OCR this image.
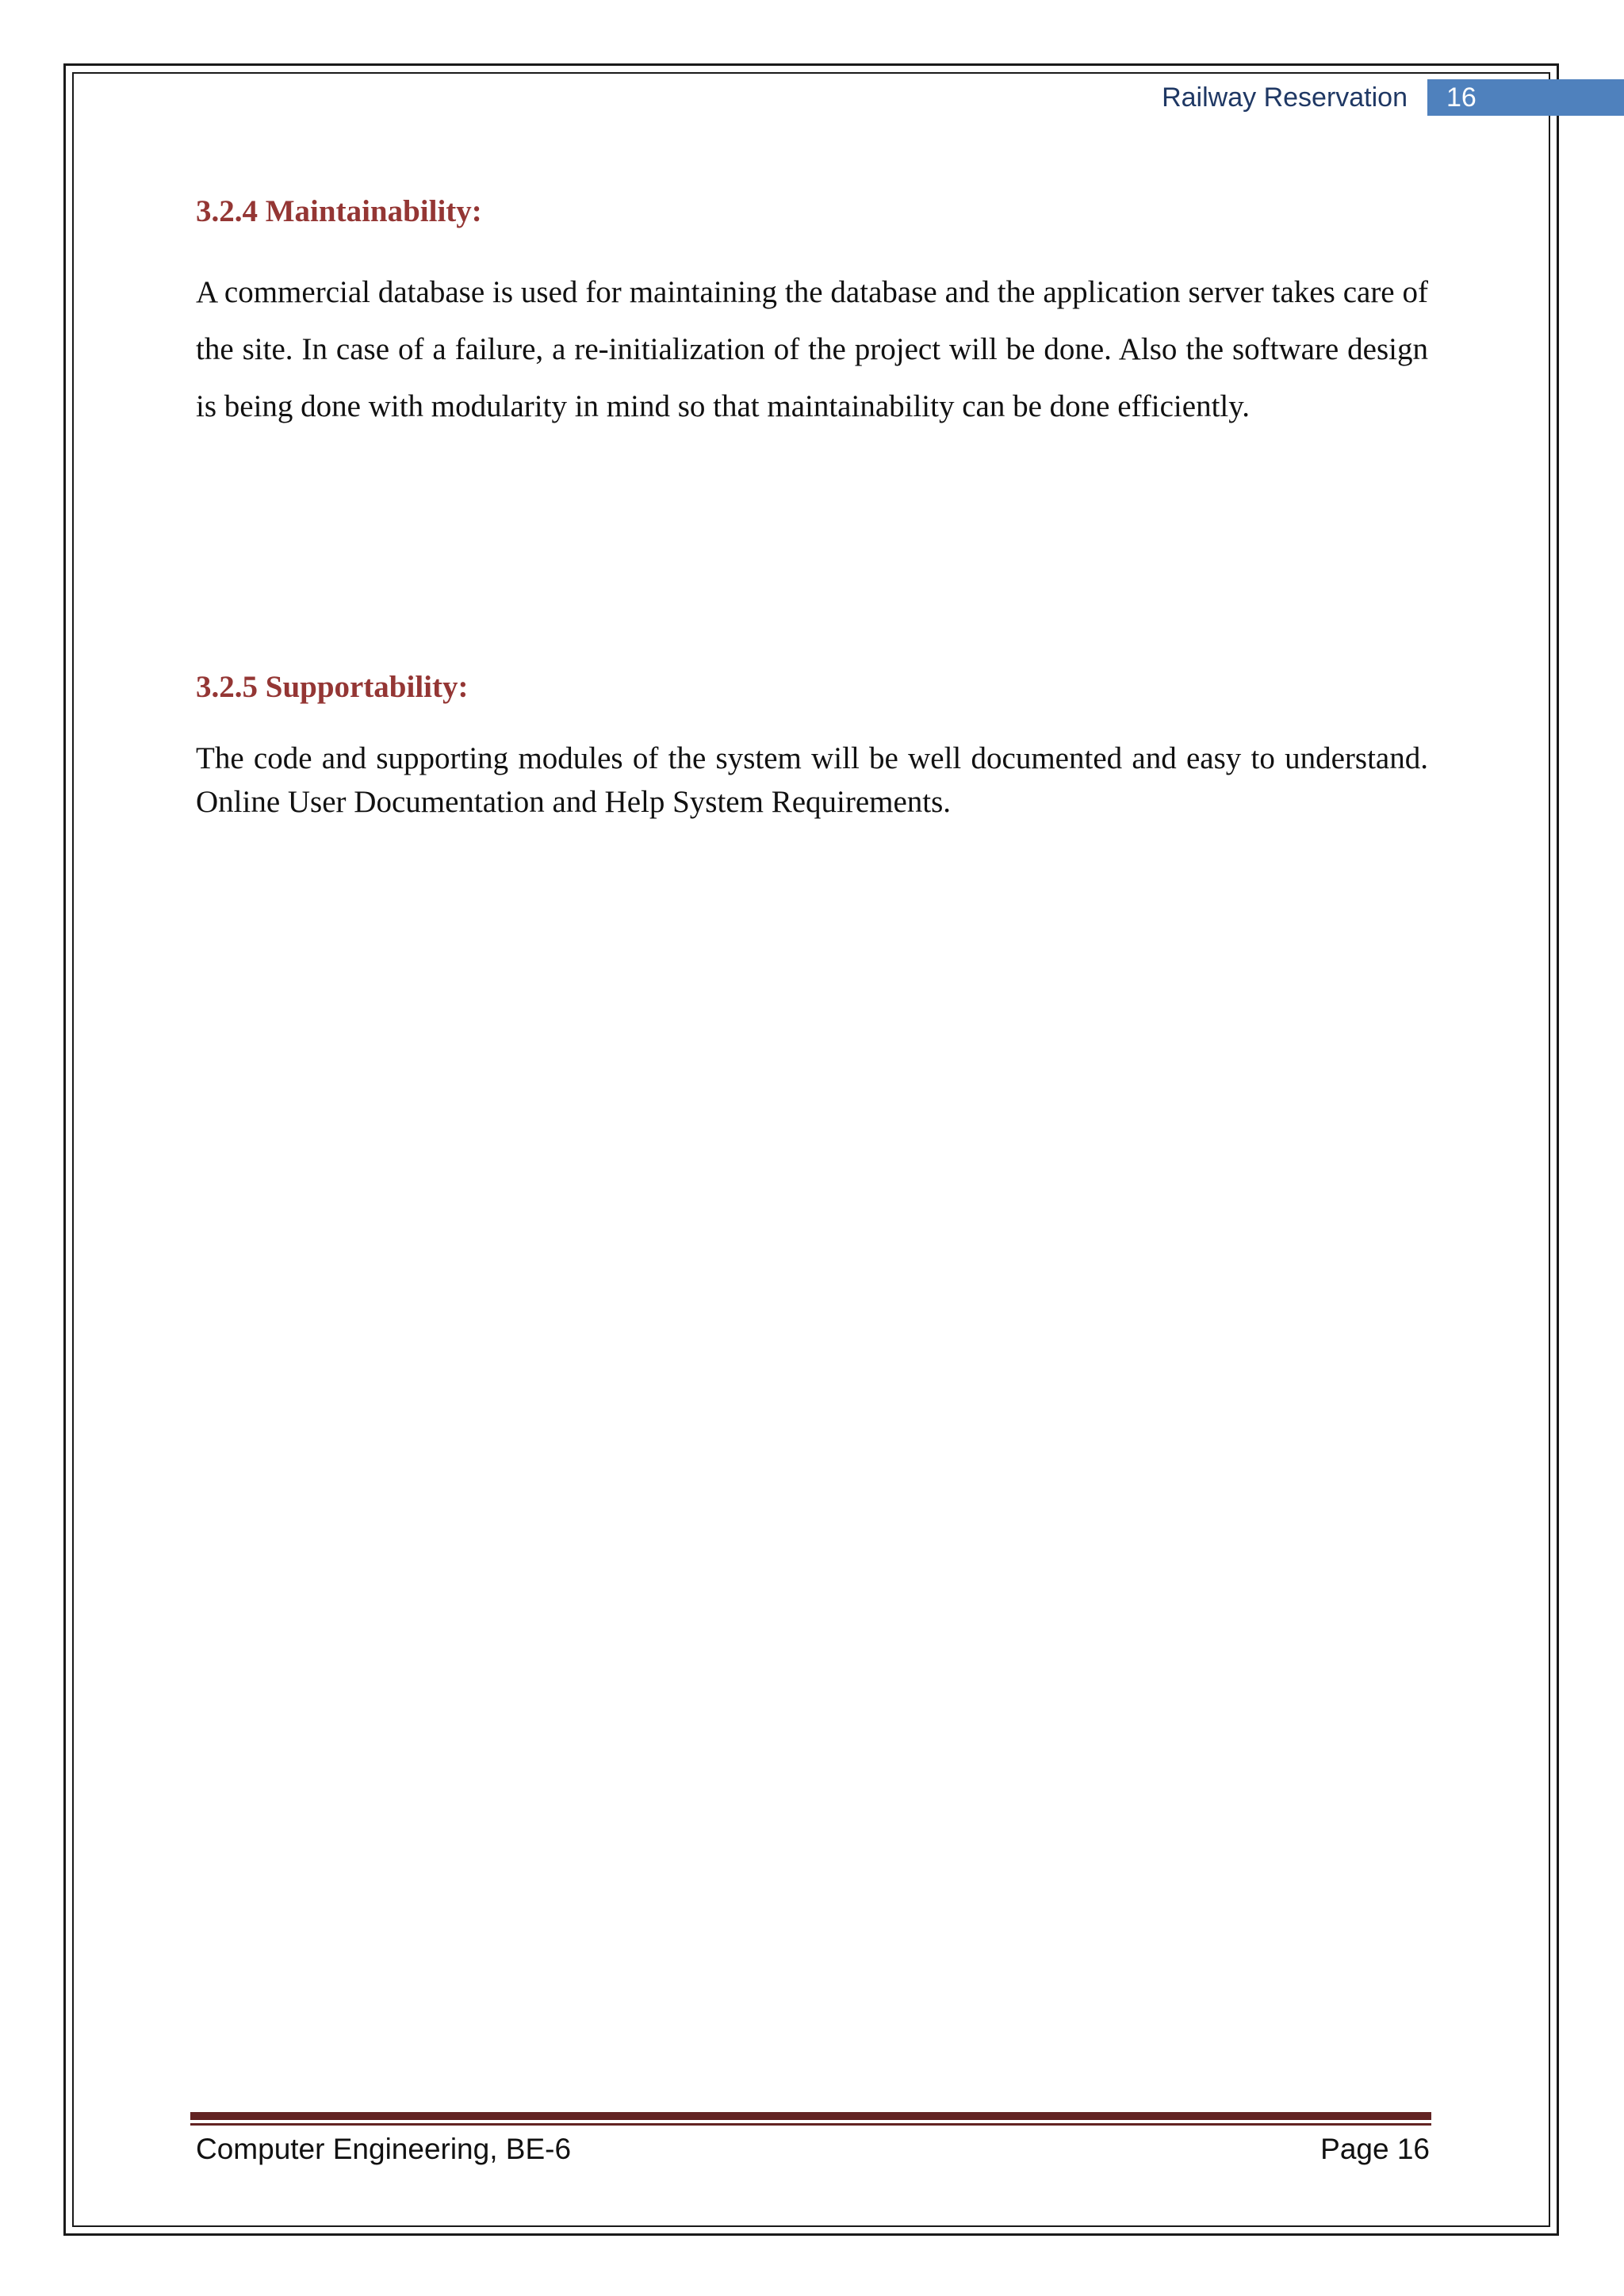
Railway Reservation	16
3.2.4 Maintainability:

A commercial database is used for maintaining the database and the application server takes care of the site. In case of a failure, a re-initialization of the project will be done. Also the software design is being done with modularity in mind so that maintainability can be done efficiently.

3.2.5 Supportability:

The code and supporting modules of the system will be well documented and easy to understand. Online User Documentation and Help System Requirements.

Computer Engineering, BE-6	Page 16
